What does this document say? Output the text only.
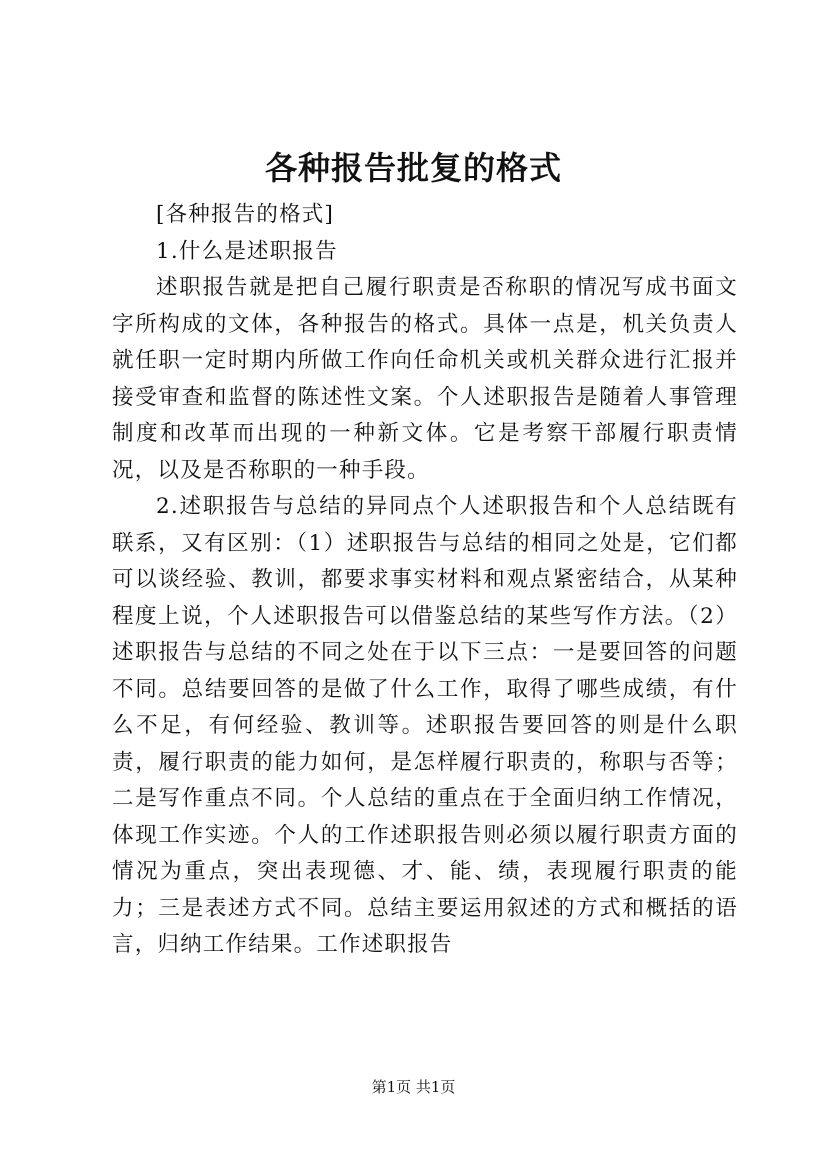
各种报告批复的格式

[各种报告的格式]

1.什么是述职报告

述职报告就是把自己履行职责是否称职的情况写成书面文字所构成的文体，各种报告的格式。具体一点是，机关负责人就任职一定时期内所做工作向任命机关或机关群众进行汇报并接受审查和监督的陈述性文案。个人述职报告是随着人事管理制度和改革而出现的一种新文体。它是考察干部履行职责情况，以及是否称职的一种手段。

2.述职报告与总结的异同点个人述职报告和个人总结既有联系，又有区别：（1）述职报告与总结的相同之处是，它们都可以谈经验、教训，都要求事实材料和观点紧密结合，从某种程度上说，个人述职报告可以借鉴总结的某些写作方法。（2）述职报告与总结的不同之处在于以下三点：一是要回答的问题不同。总结要回答的是做了什么工作，取得了哪些成绩，有什么不足，有何经验、教训等。述职报告要回答的则是什么职责，履行职责的能力如何，是怎样履行职责的，称职与否等；二是写作重点不同。个人总结的重点在于全面归纳工作情况，体现工作实迹。个人的工作述职报告则必须以履行职责方面的情况为重点，突出表现德、才、能、绩，表现履行职责的能力；三是表述方式不同。总结主要运用叙述的方式和概括的语言，归纳工作结果。工作述职报告

第1页 共1页
